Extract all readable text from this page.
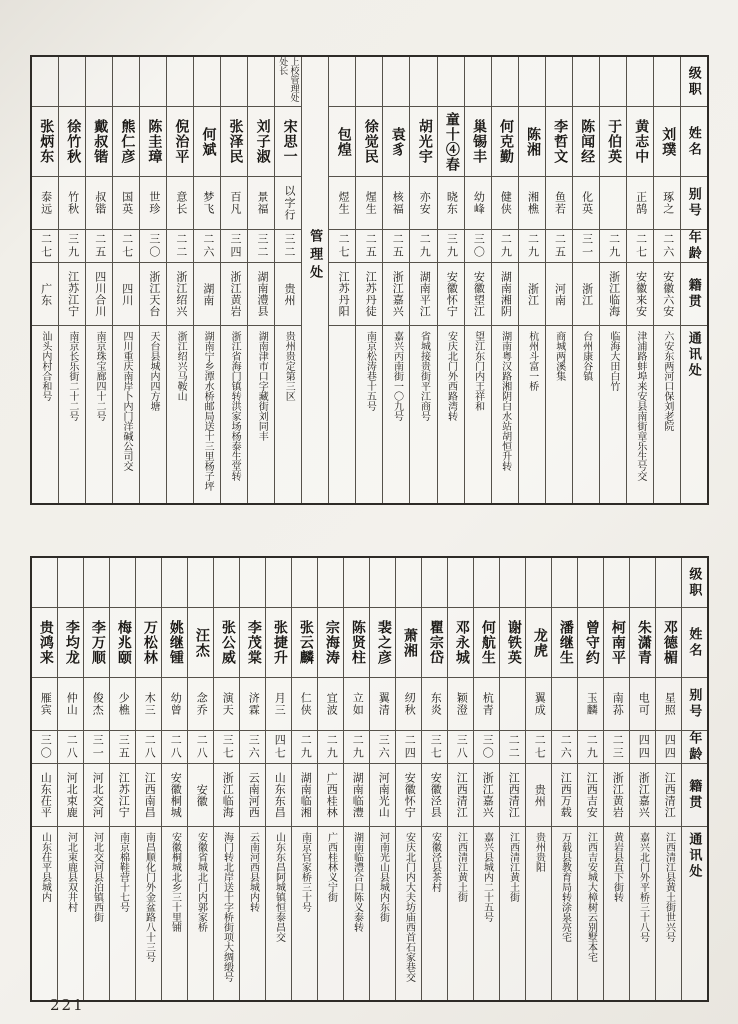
级职
姓名
别号
年龄
籍贯
通讯处
刘璞
琢之
二六
安徽六安
六安东两河口保刘老院
黄志中
正鹄
二七
安徽来安
津浦路蚌埠来安县南街章乐生号交
于伯英
二九
浙江临海
临海大田白竹
陈闻经
化英
三一
浙江
台州康谷镇
李哲文
鱼若
二五
河南
商城两溪集
陈湘
湘樵
二九
浙江
杭州斗富一桥
何克勤
健侠
二九
湖南湘阴
湖南粤汉路湘阴白水站胡恒升转
巢锡丰
幼峰
三〇
安徽望江
望江东门内王祥和
童十④春
晓东
三九
安徽怀宁
安庆北门外西路湾转
胡光宇
亦安
二九
湖南平江
省城接贵街平江商号
袁豸
核福
二五
浙江嘉兴
嘉兴丙南街一〇九号
徐觉民
煋生
二五
江苏丹徒
南京松涛巷十五号
包煌
煜生
二七
江苏丹阳
管理处
上校管理处处长
宋思一
以字行
三二
贵州
贵州贵定第三区
刘子淑
景福
三二
湖南澧县
湖南津市口字藏街刘同丰
张泽民
百凡
三四
浙江黄岩
浙江省海门镇转洪家场杨泰生堂转
何斌
梦飞
二六
湖南
湖南宁乡潭水桥邮局送十三里杨子坪
倪治平
意长
二二
浙江绍兴
浙江绍兴马鞍山
陈圭璋
世珍
三〇
浙江天台
天台县城内四方塘
熊仁彦
国英
二七
四川
四川重庆南岸卜内门洋碱公司交
戴叔锴
叔锴
二五
四川合川
南京珠宝廊四十二号
徐竹秋
竹秋
三九
江苏江宁
南京长乐街二十二号
张炳东
泰远
二七
广东
汕头内村合和号
级职
姓名
别号
年龄
籍贯
通讯处
邓德楣
星照
四四
江西清江
江西清江县黄土街世兴号
朱潇青
电可
四四
浙江嘉兴
嘉兴北门外平桥三十八号
柯南平
南荪
二三
浙江黄岩
黄岩县直下街转
曾守约
玉麟
二九
江西吉安
江西吉安城大樟树云别墅本宅
潘继生
二六
江西万载
万载县教育局转涂泉亮宅
龙虎
翼成
二七
贵州
贵州贵阳
谢铁英
二二
江西清江
江西清江黄土街
何航生
杭青
三〇
浙江嘉兴
嘉兴县城内二十五号
邓永城
颖澄
三八
江西清江
江西清江黄土街
瞿宗岱
东炎
三七
安徽泾县
安徽泾县茶村
萧湘
纫秋
二四
安徽怀宁
安庆北门内大夫坊庙西首石家巷交
裴之彦
翼清
三六
河南光山
河南光山县城内东街
陈贤柱
立如
二九
湖南临澧
湖南临澧合口陈义泰转
宗海涛
宜波
二九
广西桂林
广西桂林义宁街
张云麟
仁侠
二九
湖南临湘
南京官家桥三十号
张捷升
月三
四七
山东东昌
山东东昌阿城镇恒泰昌交
李茂棠
济霖
三六
云南河西
云南河西县城内转
张公威
演天
三七
浙江临海
海门转北岸送十字桥街项大绸缎号
汪杰
念乔
二八
安徽
安徽省城北门内郭家桥
姚继锺
幼曾
二八
安徽桐城
安徽桐城北乡三十里铺
万松林
木三
二八
江西南昌
南昌顺化门外金盆路八十三号
梅兆颐
少樵
三五
江苏江宁
南京棉鞋营十七号
李万顺
俊杰
三一
河北交河
河北交河县泊镇西街
李均龙
仲山
二八
河北束鹿
河北束鹿县双井村
贵鸿来
雁宾
三〇
山东茌平
山东茌平县城内
221
